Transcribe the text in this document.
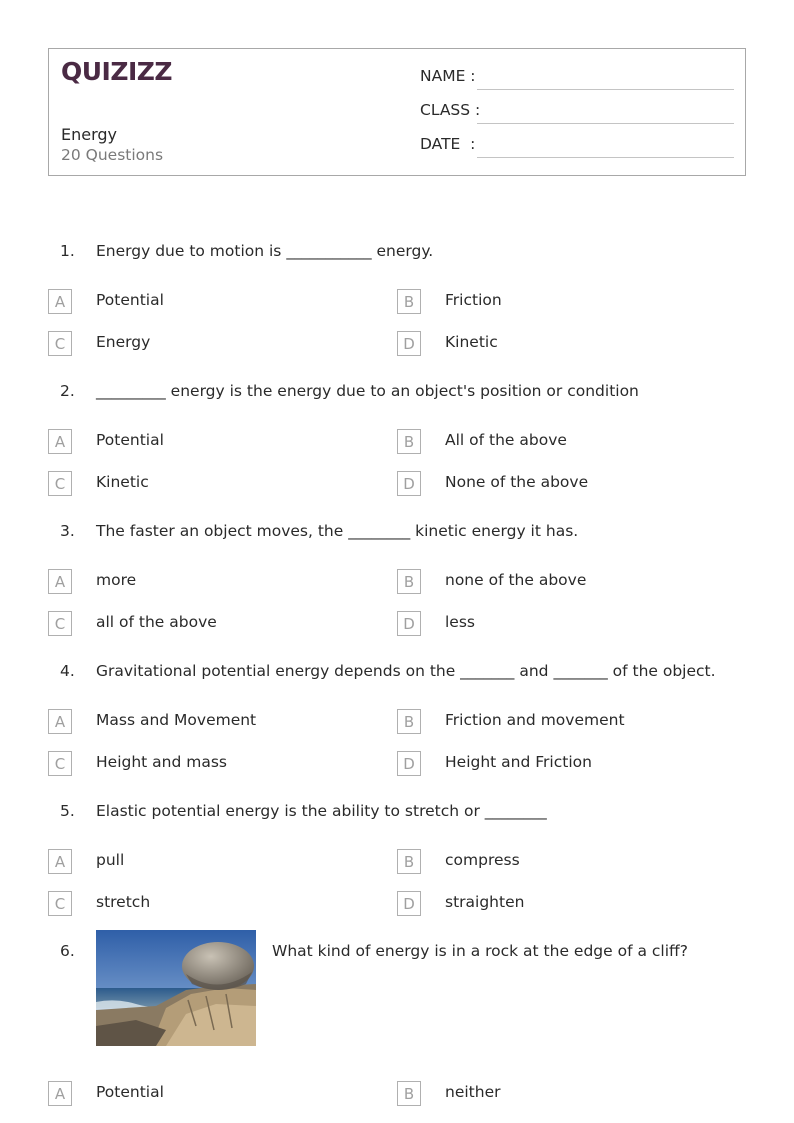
QUIZIZZ
Energy
20 Questions
NAME :
CLASS :
DATE  :
1. Energy due to motion is ___________ energy.
A	Potential	B	Friction
C	Energy	D	Kinetic
2. _________ energy is the energy due to an object's position or condition
A	Potential	B	All of the above
C	Kinetic	D	None of the above
3. The faster an object moves, the ________ kinetic energy it has.
A	more	B	none of the above
C	all of the above	D	less
4. Gravitational potential energy depends on the _______ and _______ of the object.
A	Mass and Movement	B	Friction and movement
C	Height and mass	D	Height and Friction
5. Elastic potential energy is the ability to stretch or ________
A	pull	B	compress
C	stretch	D	straighten
6.	What kind of energy is in a rock at the edge of a cliff?
A	Potential	B	neither
